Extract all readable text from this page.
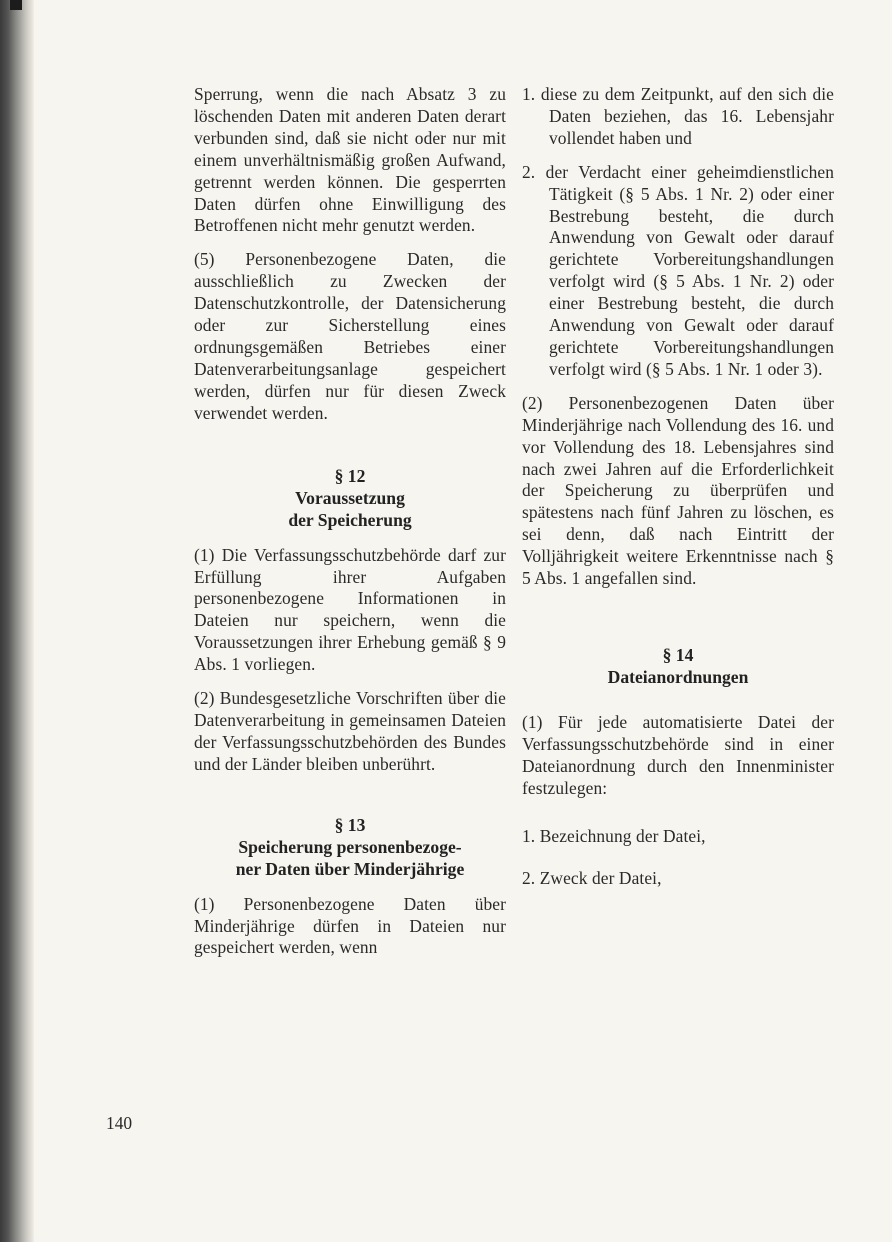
140

Sperrung, wenn die nach Absatz 3 zu löschenden Daten mit anderen Daten derart verbunden sind, daß sie nicht oder nur mit einem unverhältnismäßig großen Aufwand, getrennt werden können. Die gesperrten Daten dürfen ohne Einwilligung des Betroffenen nicht mehr genutzt werden.

(5) Personenbezogene Daten, die ausschließlich zu Zwecken der Datenschutzkontrolle, der Datensicherung oder zur Sicherstellung eines ordnungsgemäßen Betriebes einer Datenverarbeitungsanlage gespeichert werden, dürfen nur für diesen Zweck verwendet werden.

§ 12
Voraussetzung
der Speicherung

(1) Die Verfassungsschutzbehörde darf zur Erfüllung ihrer Aufgaben personenbezogene Informationen in Dateien nur speichern, wenn die Voraussetzungen ihrer Erhebung gemäß § 9 Abs. 1 vorliegen.

(2) Bundesgesetzliche Vorschriften über die Datenverarbeitung in gemeinsamen Dateien der Verfassungsschutzbehörden des Bundes und der Länder bleiben unberührt.

§ 13
Speicherung personenbezoge-
ner Daten über Minderjährige

(1) Personenbezogene Daten über Minderjährige dürfen in Dateien nur gespeichert werden, wenn

1. diese zu dem Zeitpunkt, auf den sich die Daten beziehen, das 16. Lebensjahr vollendet haben und

2. der Verdacht einer geheimdienstlichen Tätigkeit (§ 5 Abs. 1 Nr. 2) oder einer Bestrebung besteht, die durch Anwendung von Gewalt oder darauf gerichtete Vorbereitungshandlungen verfolgt wird (§ 5 Abs. 1 Nr. 2) oder einer Bestrebung besteht, die durch Anwendung von Gewalt oder darauf gerichtete Vorbereitungshandlungen verfolgt wird (§ 5 Abs. 1 Nr. 1 oder 3).

(2) Personenbezogenen Daten über Minderjährige nach Vollendung des 16. und vor Vollendung des 18. Lebensjahres sind nach zwei Jahren auf die Erforderlichkeit der Speicherung zu überprüfen und spätestens nach fünf Jahren zu löschen, es sei denn, daß nach Eintritt der Volljährigkeit weitere Erkenntnisse nach § 5 Abs. 1 angefallen sind.

§ 14
Dateianordnungen

(1) Für jede automatisierte Datei der Verfassungsschutzbehörde sind in einer Dateianordnung durch den Innenminister festzulegen:

1. Bezeichnung der Datei,

2. Zweck der Datei,
